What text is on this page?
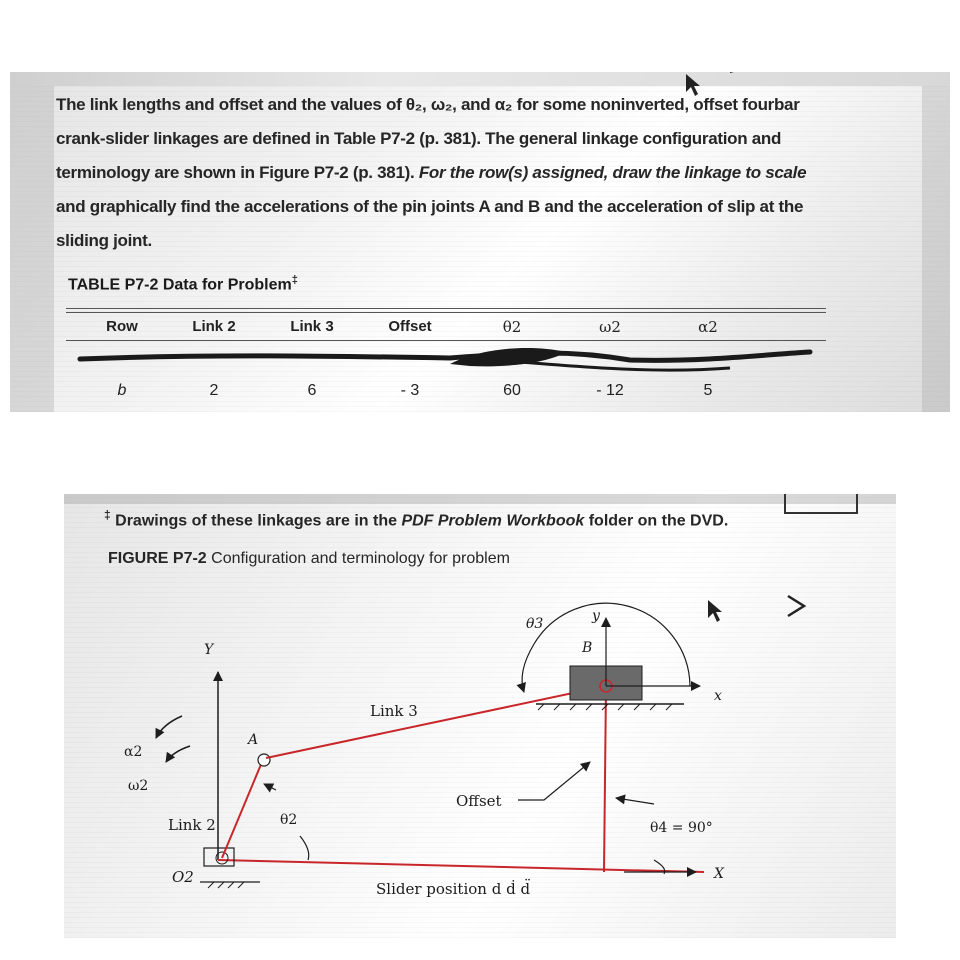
The link lengths and offset and the values of θ₂, ω₂, and α₂ for some noninverted, offset fourbar
crank-slider linkages are defined in Table P7-2 (p. 381). The general linkage configuration and
terminology are shown in Figure P7-2 (p. 381). For the row(s) assigned, draw the linkage to scale
and graphically find the accelerations of the pin joints A and B and the acceleration of slip at the
sliding joint.
TABLE P7-2 Data for Problem‡
Row	Link 2	Link 3	Offset	θ2	ω2	α2
b	2	6	- 3	60	- 12	5
‡ Drawings of these linkages are in the PDF Problem Workbook folder on the DVD.
FIGURE P7-2 Configuration and terminology for problem
θ3	y
B
x
Y
Link 3
A
α2
ω2
Offset
Link 2	θ2	θ4 = 90°
O2	X
Slider position d ḋ d̈
